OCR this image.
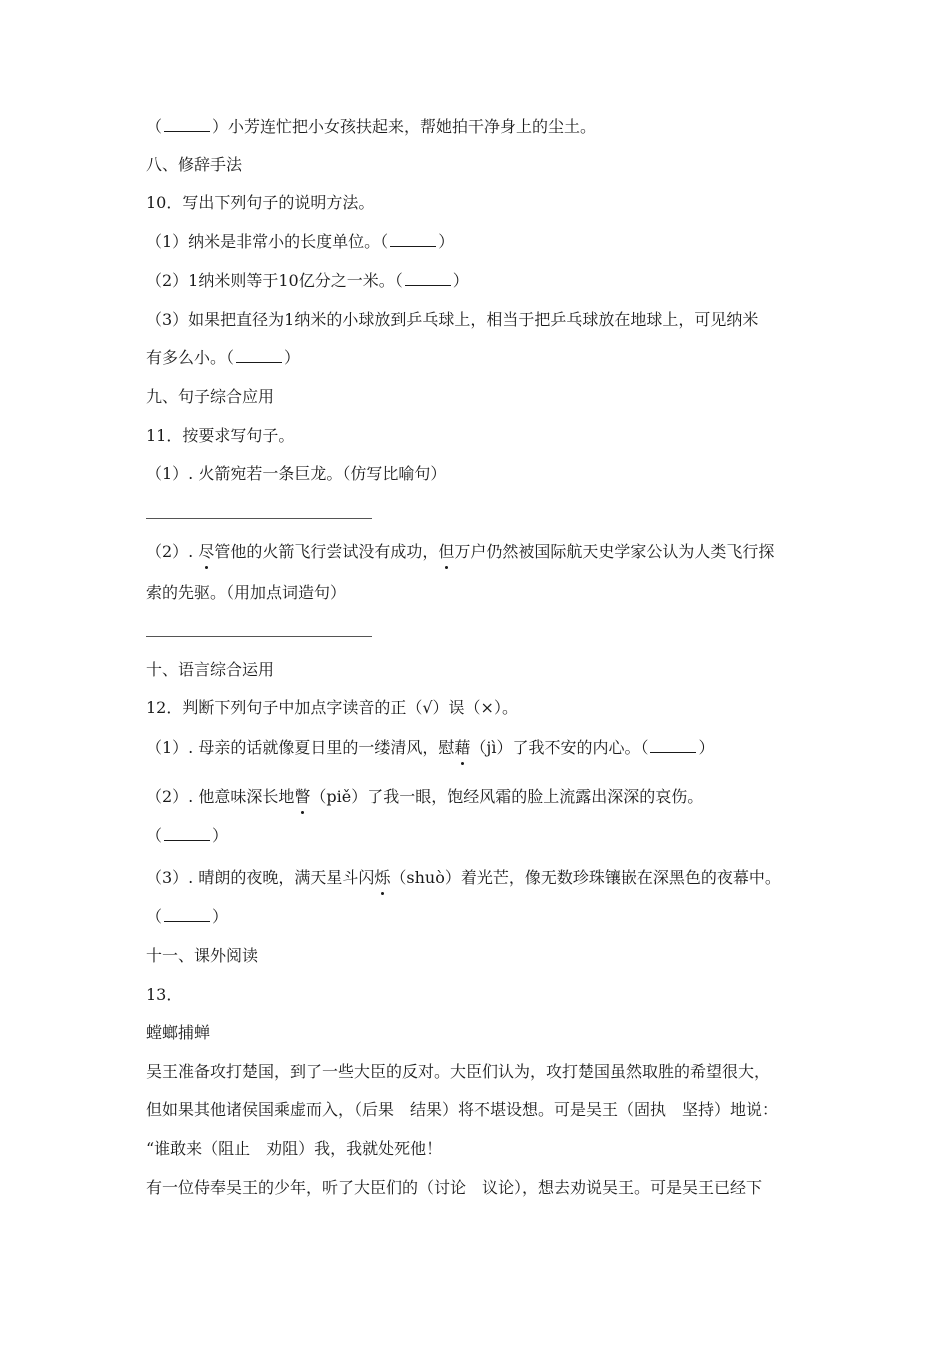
（	）小芳连忙把小女孩扶起来，帮她拍干净身上的尘土。
八、修辞手法
10．写出下列句子的说明方法。
（1）纳米是非常小的长度单位。（	）
（2）1纳米则等于10亿分之一米。（	）
（3）如果把直径为1纳米的小球放到乒乓球上，相当于把乒乓球放在地球上，可见纳米
有多么小。（	）
九、句子综合应用
11．按要求写句子。
（1）. 火箭宛若一条巨龙。（仿写比喻句）
（2）. 尽管他的火箭飞行尝试没有成功，但万户仍然被国际航天史学家公认为人类飞行探
索的先驱。（用加点词造句）
十、语言综合运用
12．判断下列句子中加点字读音的正（√）误（×）。
（1）. 母亲的话就像夏日里的一缕清风，慰藉（jì）了我不安的内心。（	）
（2）. 他意味深长地瞥（piě）了我一眼，饱经风霜的脸上流露出深深的哀伤。
（	）
（3）. 晴朗的夜晚，满天星斗闪烁（shuò）着光芒，像无数珍珠镶嵌在深黑色的夜幕中。
（	）
十一、课外阅读
13．
螳螂捕蝉
吴王准备攻打楚国，到了一些大臣的反对。大臣们认为，攻打楚国虽然取胜的希望很大，
但如果其他诸侯国乘虚而入，（后果　结果）将不堪设想。可是吴王（固执　坚持）地说：
“谁敢来（阻止　劝阻）我，我就处死他！
有一位侍奉吴王的少年，听了大臣们的（讨论　议论），想去劝说吴王。可是吴王已经下
